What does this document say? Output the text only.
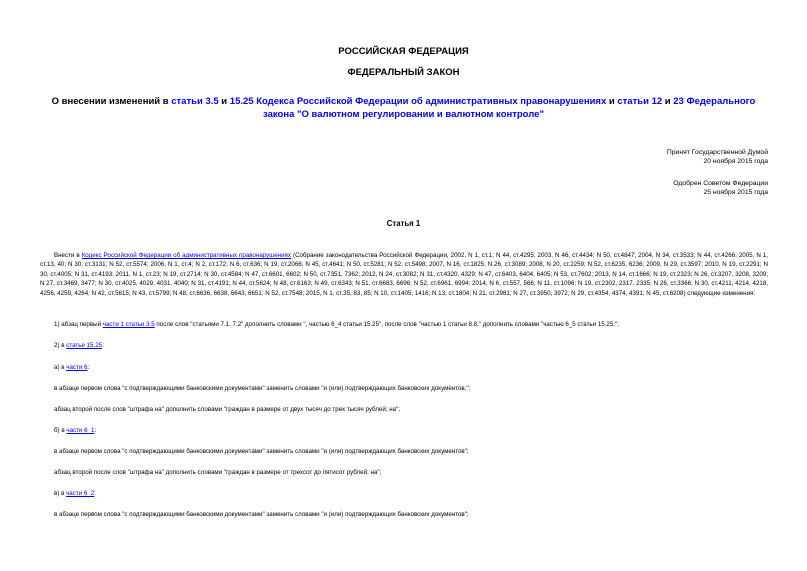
РОССИЙСКАЯ ФЕДЕРАЦИЯ
ФЕДЕРАЛЬНЫЙ ЗАКОН
О внесении изменений в статьи 3.5 и 15.25 Кодекса Российской Федерации об административных правонарушениях и статьи 12 и 23 Федерального закона "О валютном регулировании и валютном контроле"
Принят Государственной Думой
20 ноября 2015 года
Одобрен Советом Федерации
25 ноября 2015 года
Статья 1
Внести в Кодекс Российской Федерации об административных правонарушениях (Собрание законодательства Российской Федерации, 2002, N 1, ст.1; N 44, ст.4295; 2003, N 46, ст.4434; N 50, ст.4847; 2004, N 34, ст.3533; N 44, ст.4266; 2005, N 1, ст.13, 40; N 30, ст.3131; N 52, ст.5574; 2006, N 1, ст.4; N 2, ст.172; N 6, ст.636; N 19, ст.2066; N 45, ст.4641; N 50, ст.5281; N 52, ст.5498; 2007, N 16, ст.1825; N 26, ст.3089; 2008, N 20, ст.2259; N 52, ст.6235, 6236; 2009, N 29, ст.3597; 2010, N 19, ст.2291; N 30, ст.4005; N 31, ст.4193; 2011, N 1, ст.23; N 19, ст.2714; N 30, ст.4584; N 47, ст.6601, 6602; N 50, ст.7351, 7362; 2012, N 24, ст.3082; N 31, ст.4320, 4329; N 47, ст.6403, 6404, 6405; N 53, ст.7602; 2013, N 14, ст.1666; N 19, ст.2323; N 26, ст.3207, 3208, 3209; N 27, ст.3469, 3477; N 30, ст.4025, 4029, 4031, 4040; N 31, ст.4191; N 44, ст.5624; N 48, ст.6163; N 49, ст.6343; N 51, ст.6683, 6696; N 52, ст.6961, 6994; 2014, N 6, ст.557, 566; N 11, ст.1096; N 19, ст.2302, 2317, 2335; N 26, ст.3366; N 30, ст.4211, 4214, 4218, 4256, 4259, 4264; N 42, ст.5615; N 43, ст.5799; N 48, ст.6636, 6638, 6643, 6651; N 52, ст.7548; 2015, N 1, ст.35, 83, 85; N 10, ст.1405, 1416; N 13, ст.1804; N 21, ст.2981; N 27, ст.3950, 3972; N 29, ст.4354, 4374, 4391; N 45, ст.6208) следующие изменения:
1) абзац первый части 1 статьи 3.5 после слов "статьями 7.1, 7.2" дополнить словами ", частью 6_4 статьи 15.25", после слов "частью 1 статьи 8.8," дополнить словами "частью 6_5 статьи 15.25,";
2) в статье 15.25:
а) в части 6:
в абзаце первом слова "с подтверждающими банковскими документами" заменить словами "и (или) подтверждающих банковских документов,";
абзац второй после слов "штрафа на" дополнить словами "граждан в размере от двух тысяч до трех тысяч рублей; на";
б) в части 6_1:
в абзаце первом слова "с подтверждающими банковскими документами" заменить словами "и (или) подтверждающих банковских документов";
абзац второй после слов "штрафа на" дополнить словами "граждан в размере от трехсот до пятисот рублей; на";
в) в части 6_2:
в абзаце первом слова "с подтверждающими банковскими документами" заменить словами "и (или) подтверждающих банковских документов";
